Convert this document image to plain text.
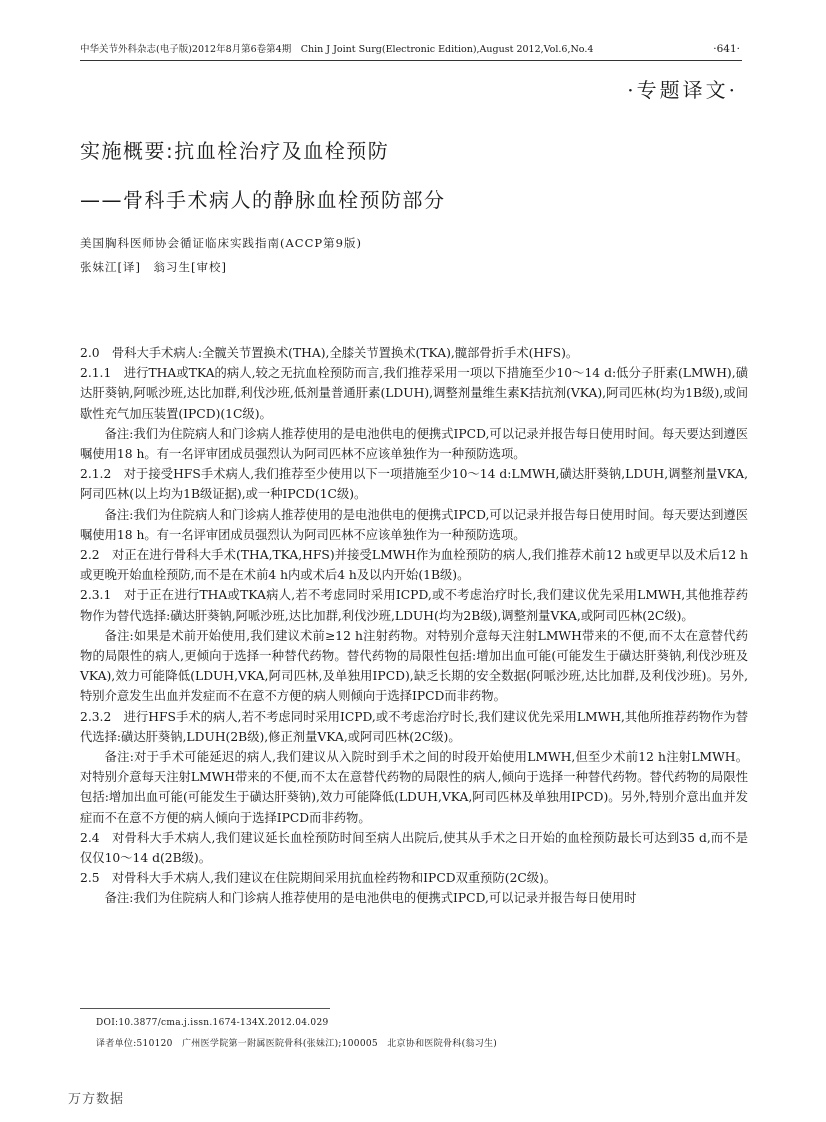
中华关节外科杂志(电子版)2012年8月第6卷第4期　Chin J Joint Surg(Electronic Edition),August 2012,Vol.6,No.4	·641·
·专题译文·
实施概要:抗血栓治疗及血栓预防
——骨科手术病人的静脉血栓预防部分
美国胸科医师协会循证临床实践指南(ACCP第9版)
张妹江[译]　翁习生[审校]

2.0　骨科大手术病人:全髋关节置换术(THA),全膝关节置换术(TKA),髋部骨折手术(HFS)。

2.1.1　进行THA或TKA的病人,较之无抗血栓预防而言,我们推荐采用一项以下措施至少10～14 d:低分子肝素(LMWH),磺达肝葵钠,阿哌沙班,达比加群,利伐沙班,低剂量普通肝素(LDUH),调整剂量维生素K拮抗剂(VKA),阿司匹林(均为1B级),或间歇性充气加压装置(IPCD)(1C级)。

备注:我们为住院病人和门诊病人推荐使用的是电池供电的便携式IPCD,可以记录并报告每日使用时间。每天要达到遵医嘱使用18 h。有一名评审团成员强烈认为阿司匹林不应该单独作为一种预防选项。

2.1.2　对于接受HFS手术病人,我们推荐至少使用以下一项措施至少10～14 d:LMWH,磺达肝葵钠,LDUH,调整剂量VKA,阿司匹林(以上均为1B级证据),或一种IPCD(1C级)。

备注:我们为住院病人和门诊病人推荐使用的是电池供电的便携式IPCD,可以记录并报告每日使用时间。每天要达到遵医嘱使用18 h。有一名评审团成员强烈认为阿司匹林不应该单独作为一种预防选项。

2.2　对正在进行骨科大手术(THA,TKA,HFS)并接受LMWH作为血栓预防的病人,我们推荐术前12 h或更早以及术后12 h或更晚开始血栓预防,而不是在术前4 h内或术后4 h及以内开始(1B级)。

2.3.1　对于正在进行THA或TKA病人,若不考虑同时采用ICPD,或不考虑治疗时长,我们建议优先采用LMWH,其他推荐药物作为替代选择:磺达肝葵钠,阿哌沙班,达比加群,利伐沙班,LDUH(均为2B级),调整剂量VKA,或阿司匹林(2C级)。

备注:如果是术前开始使用,我们建议术前≥12 h注射药物。对特别介意每天注射LMWH带来的不便,而不太在意替代药物的局限性的病人,更倾向于选择一种替代药物。替代药物的局限性包括:增加出血可能(可能发生于磺达肝葵钠,利伐沙班及VKA),效力可能降低(LDUH,VKA,阿司匹林,及单独用IPCD),缺乏长期的安全数据(阿哌沙班,达比加群,及利伐沙班)。另外,特别介意发生出血并发症而不在意不方便的病人则倾向于选择IPCD而非药物。

2.3.2　进行HFS手术的病人,若不考虑同时采用ICPD,或不考虑治疗时长,我们建议优先采用LMWH,其他所推荐药物作为替代选择:磺达肝葵钠,LDUH(2B级),修正剂量VKA,或阿司匹林(2C级)。

备注:对于手术可能延迟的病人,我们建议从入院时到手术之间的时段开始使用LMWH,但至少术前12 h注射LMWH。对特别介意每天注射LMWH带来的不便,而不太在意替代药物的局限性的病人,倾向于选择一种替代药物。替代药物的局限性包括:增加出血可能(可能发生于磺达肝葵钠),效力可能降低(LDUH,VKA,阿司匹林及单独用IPCD)。另外,特别介意出血并发症而不在意不方便的病人倾向于选择IPCD而非药物。

2.4　对骨科大手术病人,我们建议延长血栓预防时间至病人出院后,使其从手术之日开始的血栓预防最长可达到35 d,而不是仅仅10～14 d(2B级)。

2.5　对骨科大手术病人,我们建议在住院期间采用抗血栓药物和IPCD双重预防(2C级)。

备注:我们为住院病人和门诊病人推荐使用的是电池供电的便携式IPCD,可以记录并报告每日使用时

DOI:10.3877/cma.j.issn.1674-134X.2012.04.029
译者单位:510120　广州医学院第一附属医院骨科(张妹江);100005　北京协和医院骨科(翁习生)
万方数据
